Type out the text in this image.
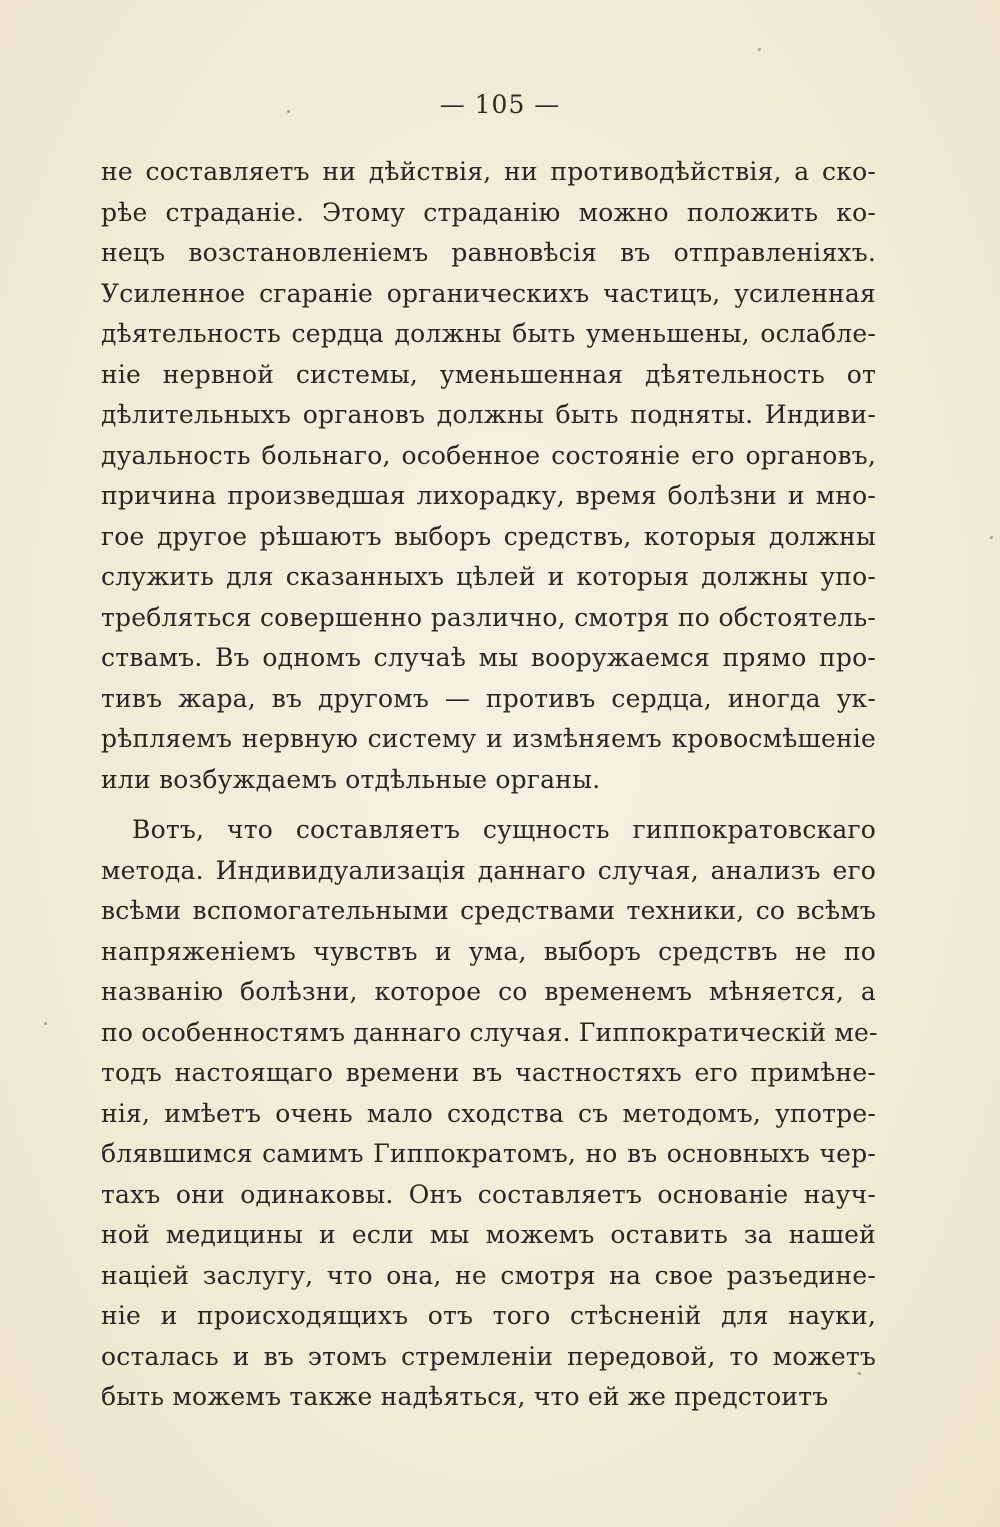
— 105 —
не составляетъ ни дѣйствія, ни противодѣйствія, а ско-
рѣе страданіе. Этому страданію можно положить ко-
нецъ возстановленіемъ равновѣсія въ отправленіяхъ.
Усиленное сгараніе органическихъ частицъ, усиленная
дѣятельность сердца должны быть уменьшены, ослабле-
ніе нервной системы, уменьшенная дѣятельность от
дѣлительныхъ органовъ должны быть подняты. Индиви-
дуальность больнаго, особенное состояніе его органовъ,
причина произведшая лихорадку, время болѣзни и мно-
гое другое рѣшаютъ выборъ средствъ, которыя должны
служить для сказанныхъ цѣлей и которыя должны упо-
требляться совершенно различно, смотря по обстоятель-
ствамъ. Въ одномъ случаѣ мы вооружаемся прямо про-
тивъ жара, въ другомъ — противъ сердца, иногда ук-
рѣпляемъ нервную систему и измѣняемъ кровосмѣшеніе
или возбуждаемъ отдѣльные органы.
Вотъ, что составляетъ сущность гиппократовскаго
метода. Индивидуализація даннаго случая, анализъ его
всѣми вспомогательными средствами техники, со всѣмъ
напряженіемъ чувствъ и ума, выборъ средствъ не по
названію болѣзни, которое со временемъ мѣняется, а
по особенностямъ даннаго случая. Гиппократическій ме-
тодъ настоящаго времени въ частностяхъ его примѣне-
нія, имѣетъ очень мало сходства съ методомъ, употре-
блявшимся самимъ Гиппократомъ, но въ основныхъ чер-
тахъ они одинаковы. Онъ составляетъ основаніе науч-
ной медицины и если мы можемъ оставить за нашей
націей заслугу, что она, не смотря на свое разъедине-
ніе и происходящихъ отъ того стѣсненій для науки,
осталась и въ этомъ стремленіи передовой, то можетъ
быть можемъ также надѣяться, что ей же предстоитъ
